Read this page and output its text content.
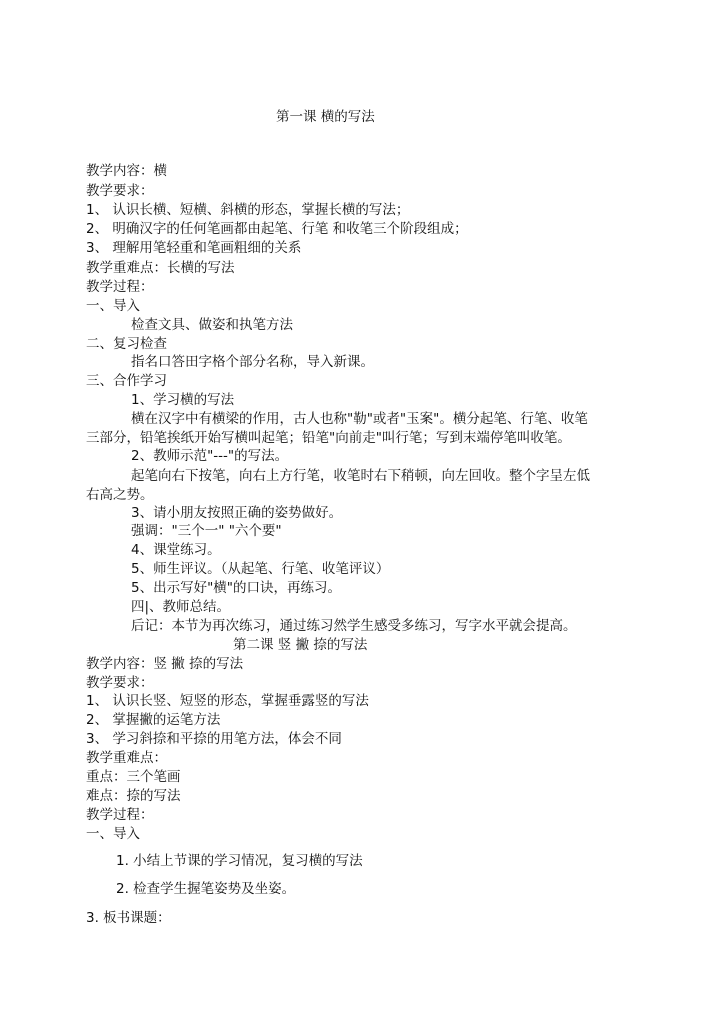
第一课 横的写法
教学内容：横
教学要求：
1、 认识长横、短横、斜横的形态，掌握长横的写法；
2、 明确汉字的任何笔画都由起笔、行笔 和收笔三个阶段组成；
3、 理解用笔轻重和笔画粗细的关系
教学重难点：长横的写法
教学过程：
一、导入
检查文具、做姿和执笔方法
二、复习检查
指名口答田字格个部分名称，导入新课。
三、合作学习
1、学习横的写法
横在汉字中有横梁的作用，古人也称"勒"或者"玉案"。横分起笔、行笔、收笔
三部分，铅笔挨纸开始写横叫起笔；铅笔"向前走"叫行笔；写到末端停笔叫收笔。
2、教师示范"---"的写法。
起笔向右下按笔，向右上方行笔，收笔时右下稍顿，向左回收。整个字呈左低
右高之势。
3、请小朋友按照正确的姿势做好。
强调："三个一" "六个要"
4、课堂练习。
5、师生评议。（从起笔、行笔、收笔评议）
5、出示写好"横"的口诀，再练习。
四|、教师总结。
后记：本节为再次练习，通过练习然学生感受多练习，写字水平就会提高。
第二课 竖 撇 捺的写法
教学内容：竖 撇 捺的写法
教学要求：
1、 认识长竖、短竖的形态，掌握垂露竖的写法
2、 掌握撇的运笔方法
3、 学习斜捺和平捺的用笔方法，体会不同
教学重难点：
重点：三个笔画
难点：捺的写法
教学过程：
一、导入
1. 小结上节课的学习情况，复习横的写法
2. 检查学生握笔姿势及坐姿。
3. 板书课题：
